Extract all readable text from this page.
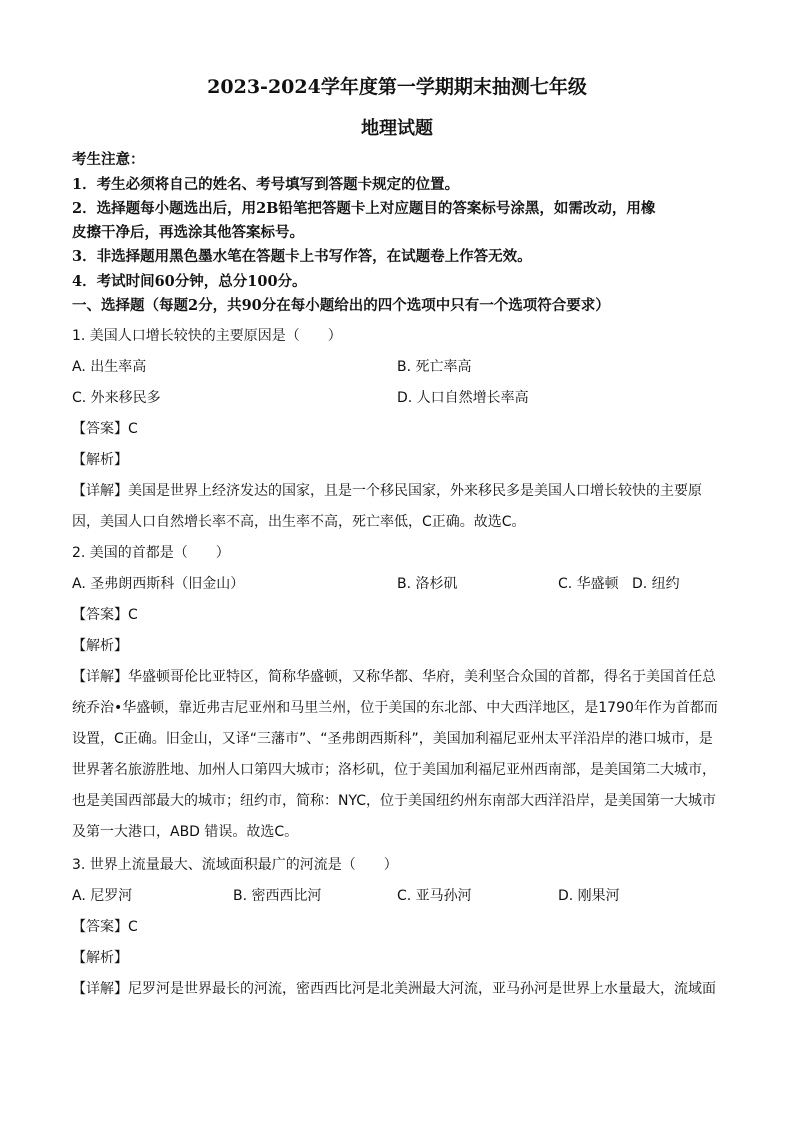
2023-2024学年度第一学期期末抽测七年级
地理试题
考生注意：
1．考生必须将自己的姓名、考号填写到答题卡规定的位置。
2．选择题每小题选出后，用2B铅笔把答题卡上对应题目的答案标号涂黑，如需改动，用橡
皮擦干净后，再选涂其他答案标号。
3．非选择题用黑色墨水笔在答题卡上书写作答，在试题卷上作答无效。
4．考试时间60分钟，总分100分。
一、选择题（每题2分，共90分在每小题给出的四个选项中只有一个选项符合要求）
1. 美国人口增长较快的主要原因是（　　）
A. 出生率高	B. 死亡率高
C. 外来移民多	D. 人口自然增长率高
【答案】C
【解析】
【详解】美国是世界上经济发达的国家，且是一个移民国家，外来移民多是美国人口增长较快的主要原
因，美国人口自然增长率不高，出生率不高，死亡率低，C正确。故选C。
2. 美国的首都是（　　）
A. 圣弗朗西斯科（旧金山）	B. 洛杉矶	C. 华盛顿 D. 纽约
【答案】C
【解析】
【详解】华盛顿哥伦比亚特区，简称华盛顿，又称华都、华府，美利坚合众国的首都，得名于美国首任总
统乔治•华盛顿，靠近弗吉尼亚州和马里兰州，位于美国的东北部、中大西洋地区，是1790年作为首都而
设置，C正确。旧金山，又译“三藩市”、“圣弗朗西斯科”，美国加利福尼亚州太平洋沿岸的港口城市，是
世界著名旅游胜地、加州人口第四大城市；洛杉矶，位于美国加利福尼亚州西南部，是美国第二大城市，
也是美国西部最大的城市；纽约市，简称：NYC，位于美国纽约州东南部大西洋沿岸，是美国第一大城市
及第一大港口，ABD 错误。故选C。
3. 世界上流量最大、流域面积最广的河流是（　　）
A. 尼罗河	B. 密西西比河	C. 亚马孙河	D. 刚果河
【答案】C
【解析】
【详解】尼罗河是世界最长的河流，密西西比河是北美洲最大河流，亚马孙河是世界上水量最大，流域面
